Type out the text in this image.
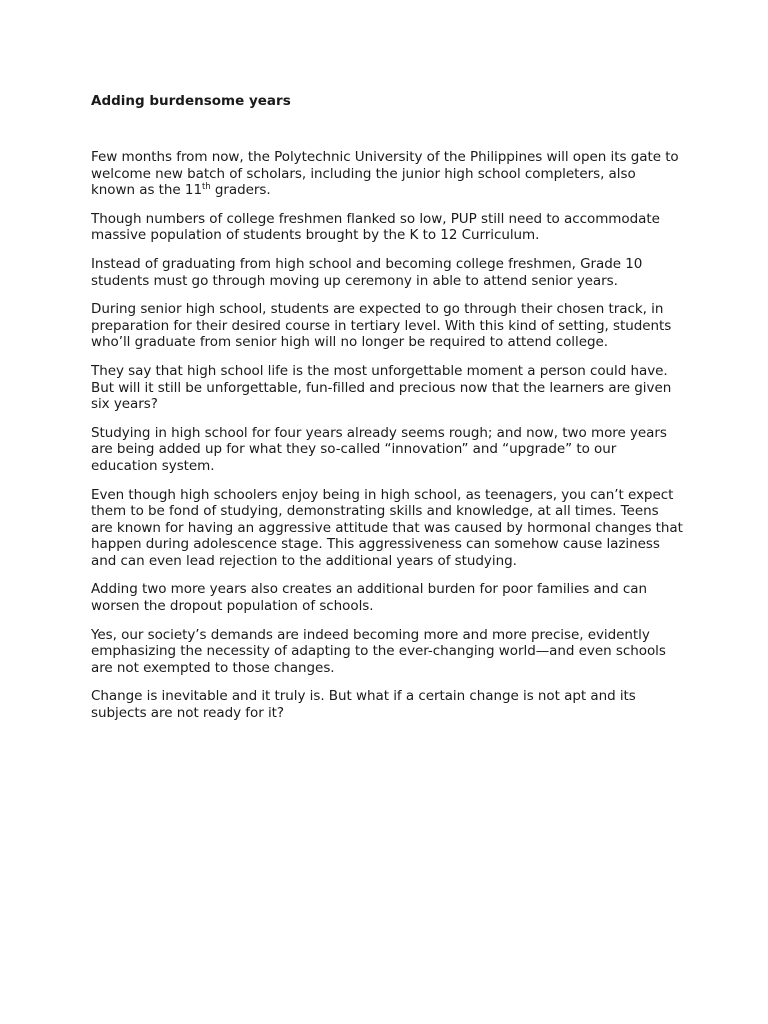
Adding burdensome years

Few months from now, the Polytechnic University of the Philippines will open its gate to welcome new batch of scholars, including the junior high school completers, also known as the 11th graders.

Though numbers of college freshmen flanked so low, PUP still need to accommodate massive population of students brought by the K to 12 Curriculum.

Instead of graduating from high school and becoming college freshmen, Grade 10 students must go through moving up ceremony in able to attend senior years.

During senior high school, students are expected to go through their chosen track, in preparation for their desired course in tertiary level. With this kind of setting, students who’ll graduate from senior high will no longer be required to attend college.

They say that high school life is the most unforgettable moment a person could have. But will it still be unforgettable, fun-filled and precious now that the learners are given six years?

Studying in high school for four years already seems rough; and now, two more years are being added up for what they so-called “innovation” and “upgrade” to our education system.

Even though high schoolers enjoy being in high school, as teenagers, you can’t expect them to be fond of studying, demonstrating skills and knowledge, at all times. Teens are known for having an aggressive attitude that was caused by hormonal changes that happen during adolescence stage. This aggressiveness can somehow cause laziness and can even lead rejection to the additional years of studying.

Adding two more years also creates an additional burden for poor families and can worsen the dropout population of schools.

Yes, our society’s demands are indeed becoming more and more precise, evidently emphasizing the necessity of adapting to the ever-changing world—and even schools are not exempted to those changes.

Change is inevitable and it truly is. But what if a certain change is not apt and its subjects are not ready for it?
